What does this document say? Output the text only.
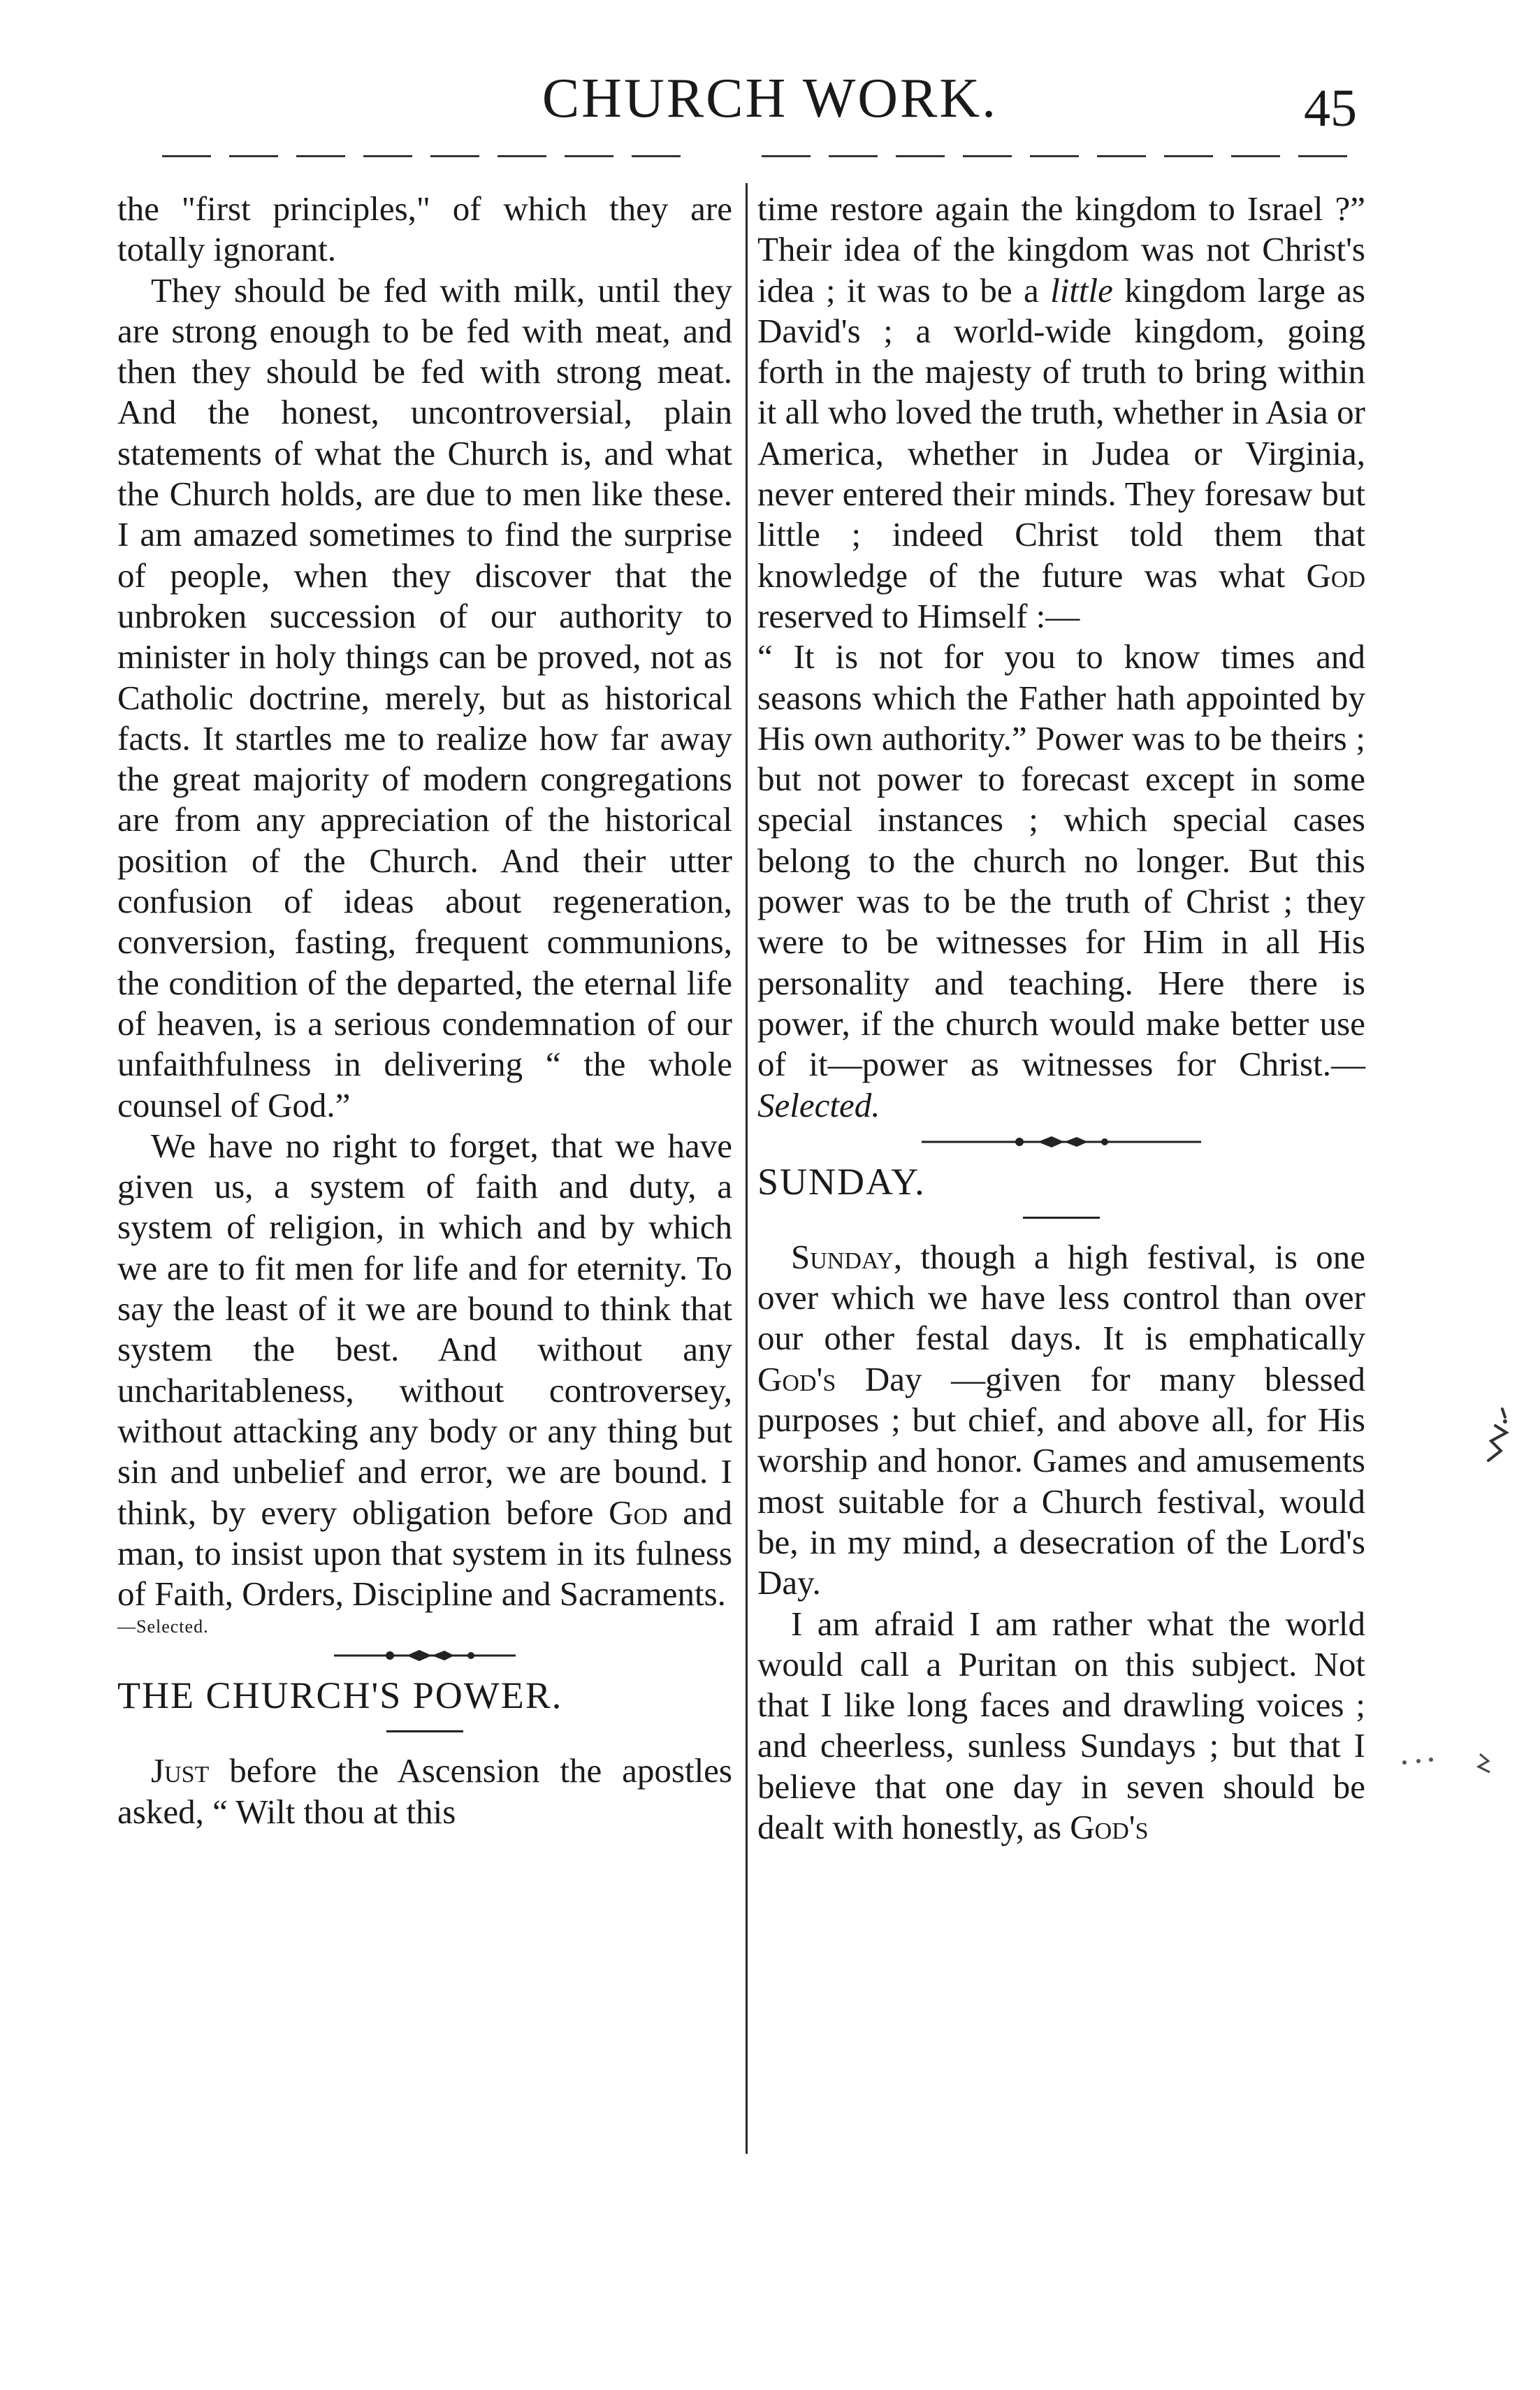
CHURCH WORK.	45

the "first principles," of which they are totally ignorant.

They should be fed with milk, until they are strong enough to be fed with meat, and then they should be fed with strong meat. And the honest, uncontroversial, plain statements of what the Church is, and what the Church holds, are due to men like these. I am amazed sometimes to find the surprise of people, when they discover that the unbroken succession of our authority to minister in holy things can be proved, not as Catholic doctrine, merely, but as historical facts. It startles me to realize how far away the great majority of modern congregations are from any appreciation of the historical position of the Church. And their utter confusion of ideas about regeneration, conversion, fasting, frequent communions, the condition of the departed, the eternal life of heaven, is a serious condemnation of our unfaithfulness in delivering “ the whole counsel of God.”

We have no right to forget, that we have given us, a system of faith and duty, a system of religion, in which and by which we are to fit men for life and for eternity. To say the least of it we are bound to think that system the best. And without any uncharitableness, without controversey, without attacking any body or any thing but sin and unbelief and error, we are bound. I think, by every obligation before God and man, to insist upon that system in its fulness of Faith, Orders, Discipline and Sacraments.

—Selected.

THE CHURCH'S POWER.

Just before the Ascension the apostles asked, “ Wilt thou at this

time restore again the kingdom to Israel ?” Their idea of the kingdom was not Christ's idea ; it was to be a little kingdom large as David's ; a world-wide kingdom, going forth in the majesty of truth to bring within it all who loved the truth, whether in Asia or America, whether in Judea or Virginia, never entered their minds. They foresaw but little ; indeed Christ told them that knowledge of the future was what God reserved to Himself :—

“ It is not for you to know times and seasons which the Father hath appointed by His own authority.” Power was to be theirs ; but not power to forecast except in some special instances ; which special cases belong to the church no longer. But this power was to be the truth of Christ ; they were to be witnesses for Him in all His personality and teaching. Here there is power, if the church would make better use of it—power as witnesses for Christ.—Selected.

SUNDAY.

Sunday, though a high festival, is one over which we have less control than over our other festal days. It is emphatically God's Day —given for many blessed purposes ; but chief, and above all, for His worship and honor. Games and amusements most suitable for a Church festival, would be, in my mind, a desecration of the Lord's Day.

I am afraid I am rather what the world would call a Puritan on this subject. Not that I like long faces and drawling voices ; and cheerless, sunless Sundays ; but that I believe that one day in seven should be dealt with honestly, as God's
